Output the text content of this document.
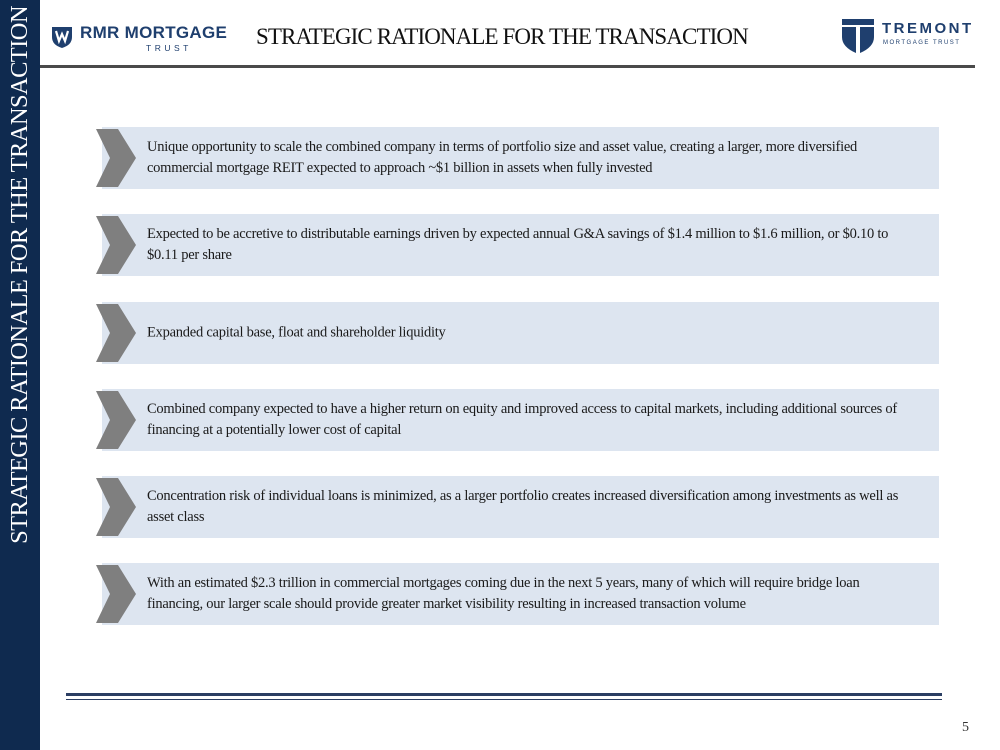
STRATEGIC RATIONALE FOR THE TRANSACTION	RMR MORTGAGE
TRUST	STRATEGIC RATIONALE FOR THE TRANSACTION	TREMONT
MORTGAGE TRUST
Unique opportunity to scale the combined company in terms of portfolio size and asset value, creating a larger, more diversified commercial mortgage REIT expected to approach ~$1 billion in assets when fully invested
Expected to be accretive to distributable earnings driven by expected annual G&A savings of $1.4 million to $1.6 million, or $0.10 to $0.11 per share
Expanded capital base, float and shareholder liquidity
Combined company expected to have a higher return on equity and improved access to capital markets, including additional sources of financing at a potentially lower cost of capital
Concentration risk of individual loans is minimized, as a larger portfolio creates increased diversification among investments as well as asset class
With an estimated $2.3 trillion in commercial mortgages coming due in the next 5 years, many of which will require bridge loan financing, our larger scale should provide greater market visibility resulting in increased transaction volume
5
